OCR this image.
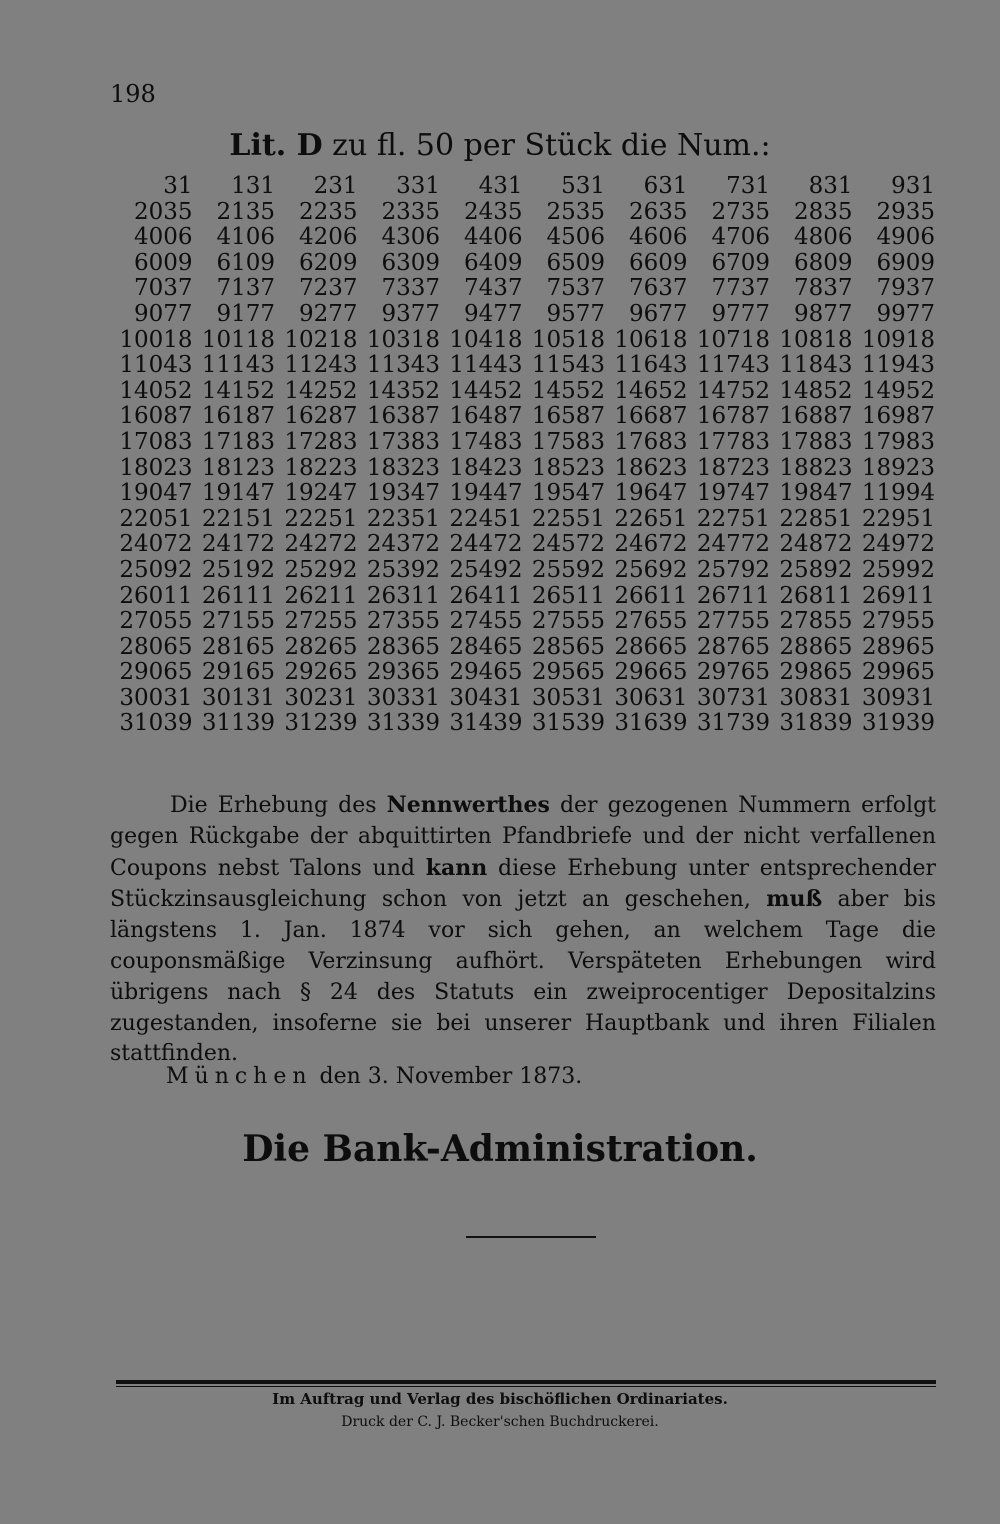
198
Lit. D zu fl. 50 per Stück die Num.:
31	131	231	331	431	531	631	731	831	931
2035	2135	2235	2335	2435	2535	2635	2735	2835	2935
4006	4106	4206	4306	4406	4506	4606	4706	4806	4906
6009	6109	6209	6309	6409	6509	6609	6709	6809	6909
7037	7137	7237	7337	7437	7537	7637	7737	7837	7937
9077	9177	9277	9377	9477	9577	9677	9777	9877	9977
10018	10118	10218	10318	10418	10518	10618	10718	10818	10918
11043	11143	11243	11343	11443	11543	11643	11743	11843	11943
14052	14152	14252	14352	14452	14552	14652	14752	14852	14952
16087	16187	16287	16387	16487	16587	16687	16787	16887	16987
17083	17183	17283	17383	17483	17583	17683	17783	17883	17983
18023	18123	18223	18323	18423	18523	18623	18723	18823	18923
19047	19147	19247	19347	19447	19547	19647	19747	19847	11994
22051	22151	22251	22351	22451	22551	22651	22751	22851	22951
24072	24172	24272	24372	24472	24572	24672	24772	24872	24972
25092	25192	25292	25392	25492	25592	25692	25792	25892	25992
26011	26111	26211	26311	26411	26511	26611	26711	26811	26911
27055	27155	27255	27355	27455	27555	27655	27755	27855	27955
28065	28165	28265	28365	28465	28565	28665	28765	28865	28965
29065	29165	29265	29365	29465	29565	29665	29765	29865	29965
30031	30131	30231	30331	30431	30531	30631	30731	30831	30931
31039	31139	31239	31339	31439	31539	31639	31739	31839	31939

Die Erhebung des Nennwerthes der gezogenen Nummern erfolgt gegen Rückgabe der abquittirten Pfandbriefe und der nicht verfallenen Coupons nebst Talons und kann diese Erhebung unter entsprechender Stückzinsausgleichung schon von jetzt an geschehen, muß aber bis längstens 1. Jan. 1874 vor sich gehen, an welchem Tage die couponsmäßige Verzinsung aufhört. Verspäteten Erhebungen wird übrigens nach § 24 des Statuts ein zweiprocentiger Depositalzins zugestanden, insoferne sie bei unserer Hauptbank und ihren Filialen stattfinden.

München den 3. November 1873.

Die Bank-Administration.

Im Auftrag und Verlag des bischöflichen Ordinariates.

Druck der C. J. Becker'schen Buchdruckerei.
